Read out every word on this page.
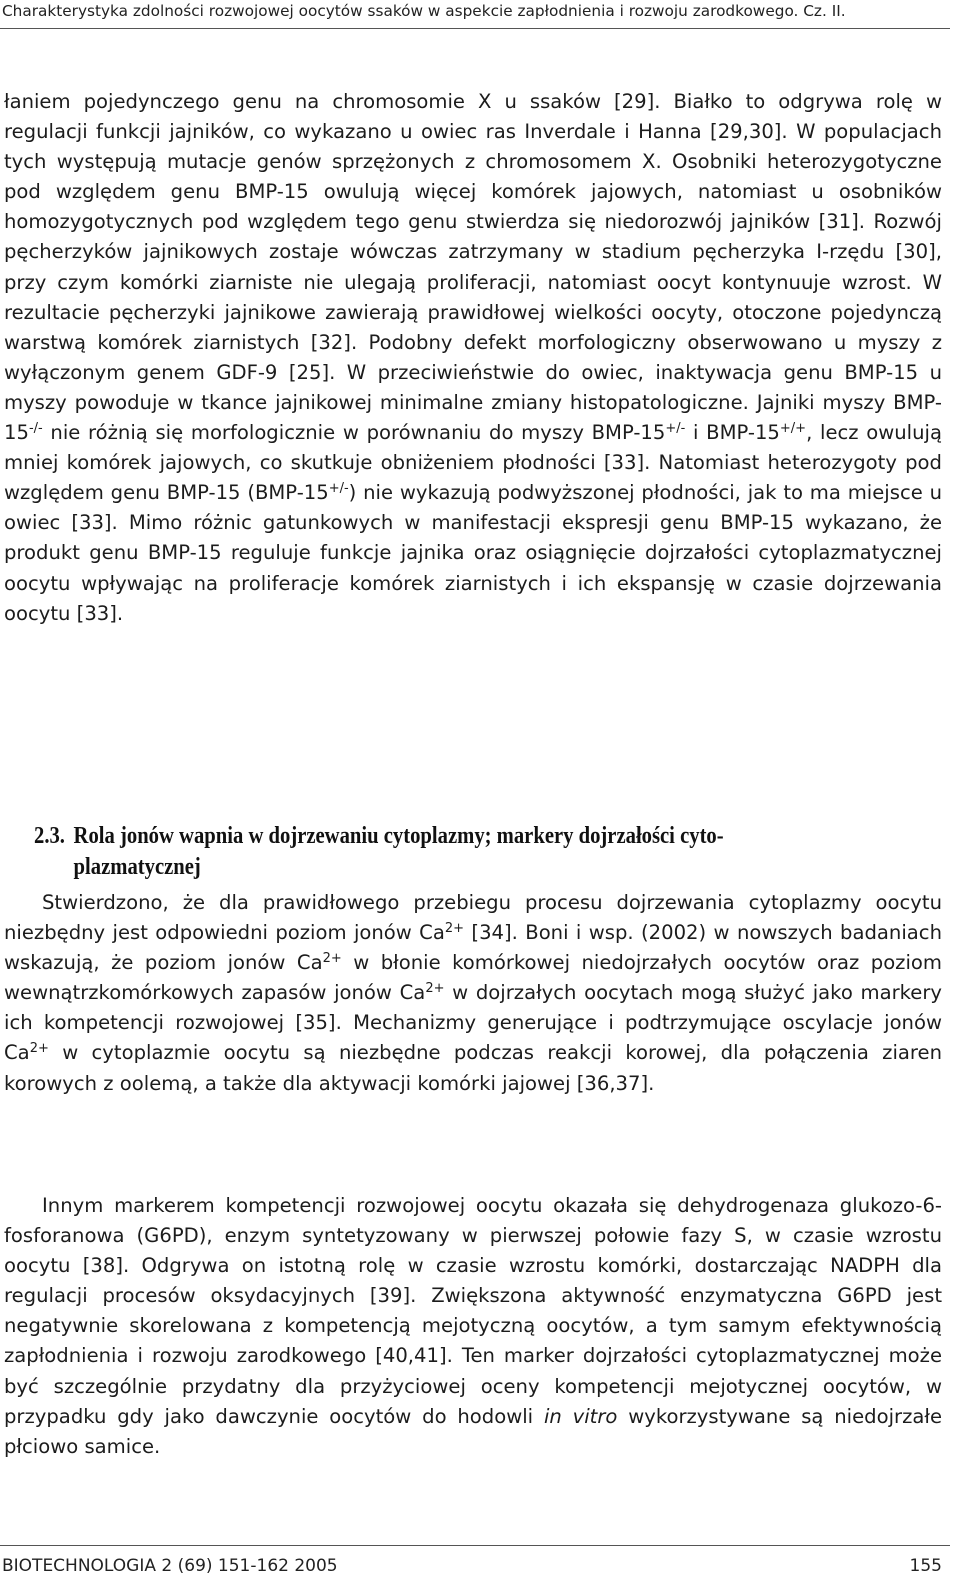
Charakterystyka zdolności rozwojowej oocytów ssaków w aspekcie zapłodnienia i rozwoju zarodkowego. Cz. II.
łaniem pojedynczego genu na chromosomie X u ssaków [29]. Białko to odgrywa rolę w regulacji funkcji jajników, co wykazano u owiec ras Inverdale i Hanna [29,30]. W populacjach tych występują mutacje genów sprzężonych z chromosomem X. Osobniki heterozygotyczne pod względem genu BMP-15 owulują więcej komórek jajowych, natomiast u osobników homozygotycznych pod względem tego genu stwierdza się niedorozwój jajników [31]. Rozwój pęcherzyków jajnikowych zostaje wówczas zatrzymany w stadium pęcherzyka I-rzędu [30], przy czym komórki ziarniste nie ulegają proliferacji, natomiast oocyt kontynuuje wzrost. W rezultacie pęcherzyki jajnikowe zawierają prawidłowej wielkości oocyty, otoczone pojedynczą warstwą komórek ziarnistych [32]. Podobny defekt morfologiczny obserwowano u myszy z wyłączonym genem GDF-9 [25]. W przeciwieństwie do owiec, inaktywacja genu BMP-15 u myszy powoduje w tkance jajnikowej minimalne zmiany histopatologiczne. Jajniki myszy BMP-15-/- nie różnią się morfologicznie w porównaniu do myszy BMP-15+/- i BMP-15+/+, lecz owulują mniej komórek jajowych, co skutkuje obniżeniem płodności [33]. Natomiast heterozygoty pod względem genu BMP-15 (BMP-15+/-) nie wykazują podwyższonej płodności, jak to ma miejsce u owiec [33]. Mimo różnic gatunkowych w manifestacji ekspresji genu BMP-15 wykazano, że produkt genu BMP-15 reguluje funkcje jajnika oraz osiągnięcie dojrzałości cytoplazmatycznej oocytu wpływając na proliferacje komórek ziarnistych i ich ekspansję w czasie dojrzewania oocytu [33].
2.3. Rola jonów wapnia w dojrzewaniu cytoplazmy; markery dojrzałości cyto-
plazmatycznej
Stwierdzono, że dla prawidłowego przebiegu procesu dojrzewania cytoplazmy oocytu niezbędny jest odpowiedni poziom jonów $Ca^{2+}$ [34]. Boni i wsp. (2002) w nowszych badaniach wskazują, że poziom jonów $Ca^{2+}$ w błonie komórkowej niedojrzałych oocytów oraz poziom wewnątrzkomórkowych zapasów jonów $Ca^{2+}$ w dojrzałych oocytach mogą służyć jako markery ich kompetencji rozwojowej [35]. Mechanizmy generujące i podtrzymujące oscylacje jonów $Ca^{2+}$ w cytoplazmie oocytu są niezbędne podczas reakcji korowej, dla połączenia ziaren korowych z oolemą, a także dla aktywacji komórki jajowej [36,37].
Innym markerem kompetencji rozwojowej oocytu okazała się dehydrogenaza glukozo-6-fosforanowa (G6PD), enzym syntetyzowany w pierwszej połowie fazy S, w czasie wzrostu oocytu [38]. Odgrywa on istotną rolę w czasie wzrostu komórki, dostarczając NADPH dla regulacji procesów oksydacyjnych [39]. Zwiększona aktywność enzymatyczna G6PD jest negatywnie skorelowana z kompetencją mejotyczną oocytów, a tym samym efektywnością zapłodnienia i rozwoju zarodkowego [40,41]. Ten marker dojrzałości cytoplazmatycznej może być szczególnie przydatny dla przyżyciowej oceny kompetencji mejotycznej oocytów, w przypadku gdy jako dawczynie oocytów do hodowli in vitro wykorzystywane są niedojrzałe płciowo samice.
BIOTECHNOLOGIA 2 (69) 151-162 2005	155
